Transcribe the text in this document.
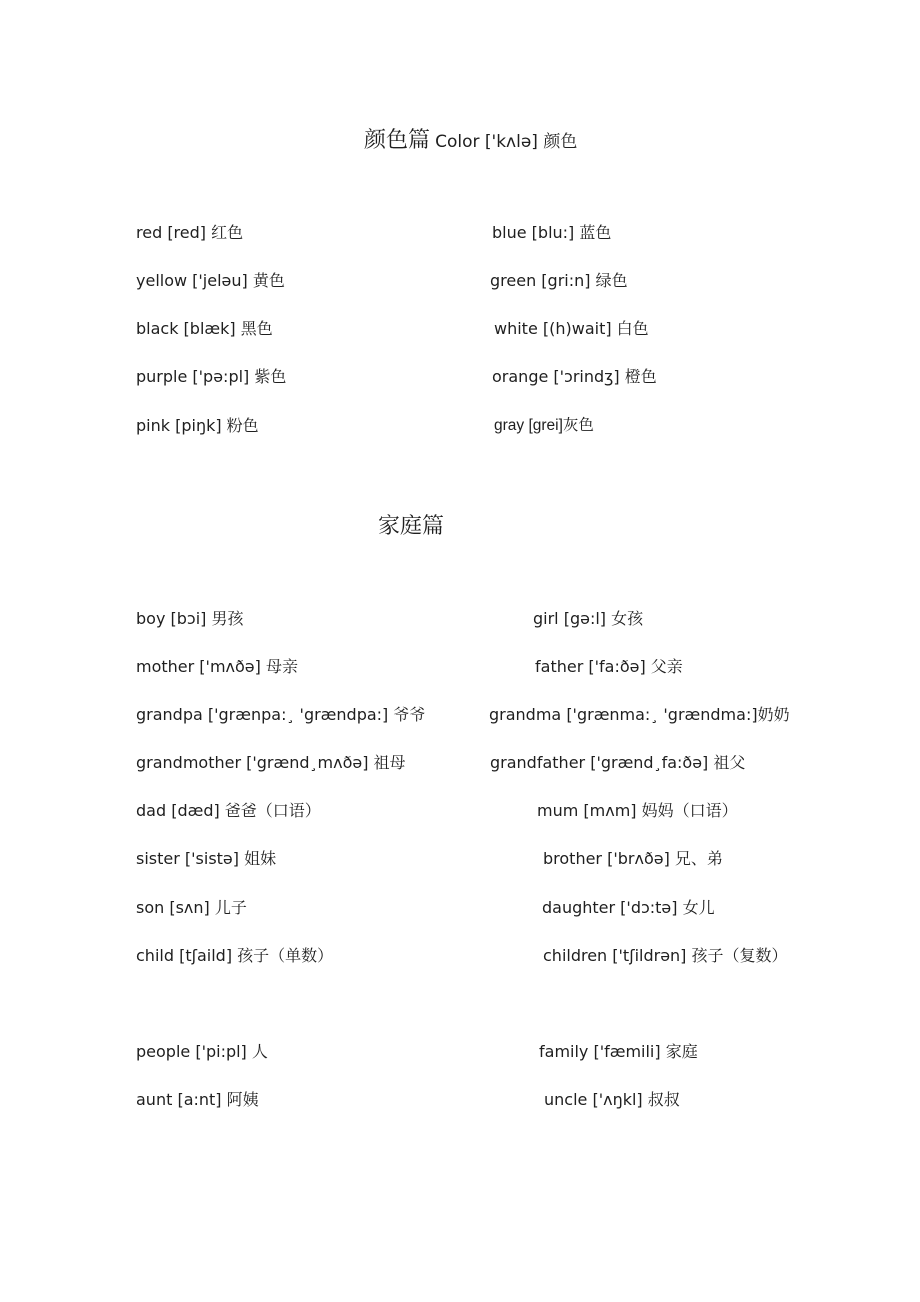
颜色篇 Color ['kʌlə] 颜色
red [red] 红色
yellow ['jeləu] 黄色
black [blæk] 黑色
purple ['pə:pl] 紫色
pink [piŋk] 粉色
blue [blu:] 蓝色
green [gri:n] 绿色
white [(h)wait] 白色
orange ['ɔrindʒ] 橙色
gray [grei]灰色
家庭篇
boy [bɔi] 男孩
mother ['mʌðə] 母亲
grandpa ['grænpa:¸ 'grændpa:] 爷爷
grandmother ['grænd¸mʌðə] 祖母
dad [dæd] 爸爸（口语）
sister ['sistə] 姐妹
son [sʌn] 儿子
child [tʃaild] 孩子（单数）
people ['pi:pl] 人
aunt [a:nt] 阿姨
girl [gə:l] 女孩
father ['fa:ðə] 父亲
grandma ['grænma:¸ 'grændma:]奶奶
grandfather ['grænd¸fa:ðə] 祖父
mum [mʌm] 妈妈（口语）
brother ['brʌðə] 兄、弟
daughter ['dɔ:tə] 女儿
children ['tʃildrən] 孩子（复数）
family ['fæmili] 家庭
uncle ['ʌŋkl] 叔叔
